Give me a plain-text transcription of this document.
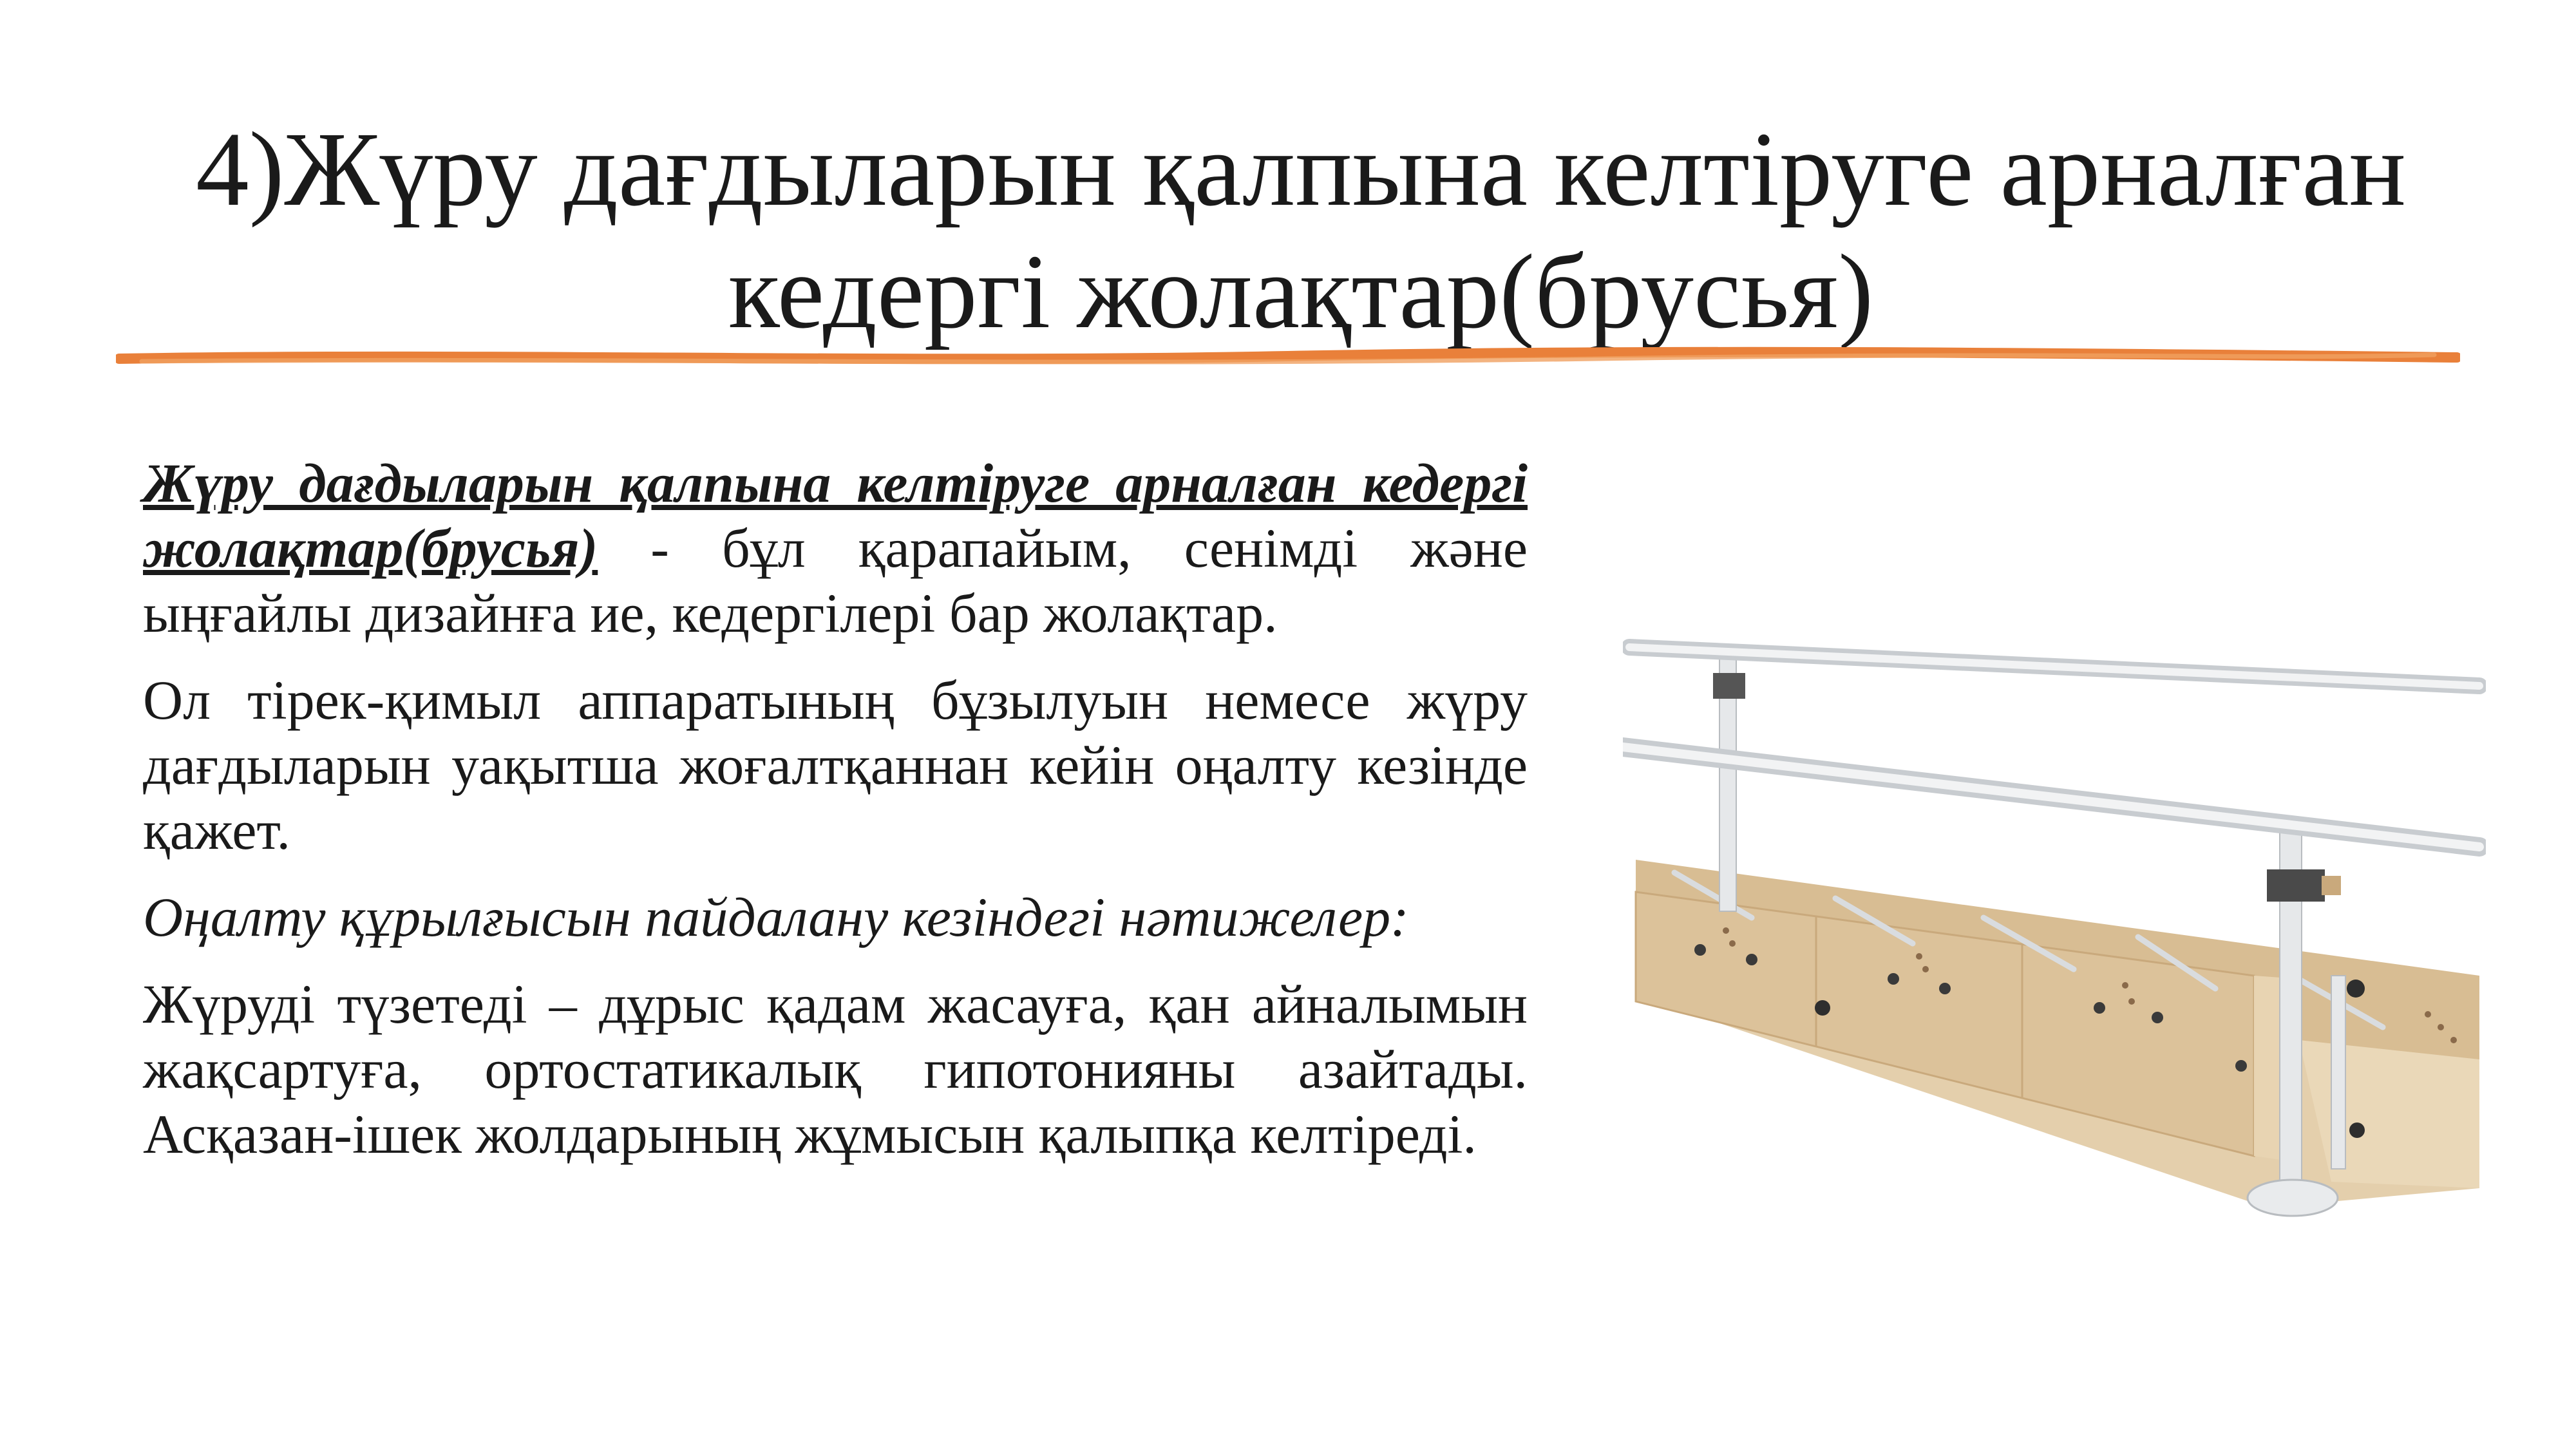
4)Жүру дағдыларын қалпына келтіруге арналған
кедергі жолақтар(брусья)

Жүру дағдыларын қалпына келтіруге арналған кедергі жолақтар(брусья) - бұл қарапайым, сенімді және ыңғайлы дизайнға ие, кедергілері бар жолақтар.

Ол тірек-қимыл аппаратының бұзылуын немесе жүру дағдыларын уақытша жоғалтқаннан кейін оңалту кезінде қажет.

Оңалту құрылғысын пайдалану кезіндегі нәтижелер:

Жүруді түзетеді – дұрыс қадам жасауға, қан айналымын жақсартуға, ортостатикалық гипотонияны азайтады. Асқазан-ішек жолдарының жұмысын қалыпқа келтіреді.
